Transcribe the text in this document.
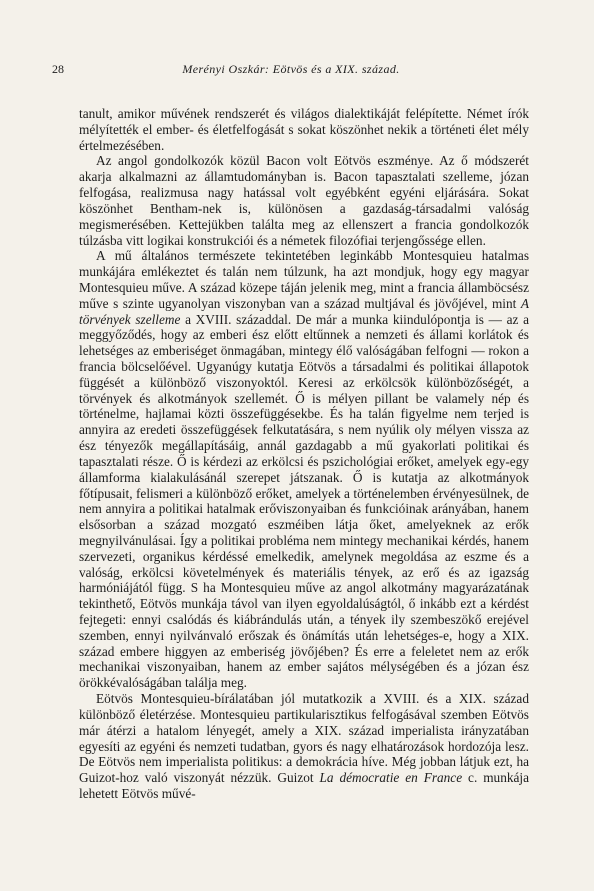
28	Merényi Oszkár: Eötvös és a XIX. század.

tanult, amikor művének rendszerét és világos dialektikáját felépítette. Német írók mélyítették el ember- és életfelfogását s sokat köszönhet nekik a történeti élet mély értelmezésében.

Az angol gondolkozók közül Bacon volt Eötvös eszménye. Az ő módszerét akarja alkalmazni az államtudományban is. Bacon tapasztalati szelleme, józan felfogása, realizmusa nagy hatással volt egyébként egyéni eljárására. Sokat köszönhet Bentham-nek is, különösen a gazdaság-társadalmi valóság megismerésében. Kettejükben találta meg az ellenszert a francia gondolkozók túlzásba vitt logikai konstrukciói és a németek filozófiai terjengőssége ellen.

A mű általános természete tekintetében leginkább Montesquieu hatalmas munkájára emlékeztet és talán nem túlzunk, ha azt mondjuk, hogy egy magyar Montesquieu műve. A század közepe táján jelenik meg, mint a francia államböcsész műve s szinte ugyanolyan viszonyban van a század multjával és jövőjével, mint A törvények szelleme a XVIII. századdal. De már a munka kiindulópontja is — az a meggyőződés, hogy az emberi ész előtt eltűnnek a nemzeti és állami korlátok és lehetséges az emberiséget önmagában, mintegy élő valóságában felfogni — rokon a francia bölcselőével. Ugyanúgy kutatja Eötvös a társadalmi és politikai állapotok függését a különböző viszonyoktól. Keresi az erkölcsök különbözőségét, a törvények és alkotmányok szellemét. Ő is mélyen pillant be valamely nép és történelme, hajlamai közti összefüggésekbe. És ha talán figyelme nem terjed is annyira az eredeti összefüggések felkutatására, s nem nyúlik oly mélyen vissza az ész tényezők megállapításáig, annál gazdagabb a mű gyakorlati politikai és tapasztalati része. Ő is kérdezi az erkölcsi és pszichológiai erőket, amelyek egy-egy államforma kialakulásánál szerepet játszanak. Ő is kutatja az alkotmányok főtípusait, felismeri a különböző erőket, amelyek a történelemben érvényesülnek, de nem annyira a politikai hatalmak erőviszonyaiban és funkcióinak arányában, hanem elsősorban a század mozgató eszméiben látja őket, amelyeknek az erők megnyilvánulásai. Így a politikai probléma nem mintegy mechanikai kérdés, hanem szervezeti, organikus kérdéssé emelkedik, amelynek megoldása az eszme és a valóság, erkölcsi követelmények és materiális tények, az erő és az igazság harmóniájától függ. S ha Montesquieu műve az angol alkotmány magyarázatának tekinthető, Eötvös munkája távol van ilyen egyoldalúságtól, ő inkább ezt a kérdést fejtegeti: ennyi csalódás és kiábrándulás után, a tények ily szembeszökő erejével szemben, ennyi nyilvánvaló erőszak és önámítás után lehetséges-e, hogy a XIX. század embere higgyen az emberiség jövőjében? És erre a feleletet nem az erők mechanikai viszonyaiban, hanem az ember sajátos mélységében és a józan ész örökkévalóságában találja meg.

Eötvös Montesquieu-bírálatában jól mutatkozik a XVIII. és a XIX. század különböző életérzése. Montesquieu partikularisztikus felfogásával szemben Eötvös már átérzi a hatalom lényegét, amely a XIX. század imperialista irányzatában egyesíti az egyéni és nemzeti tudatban, gyors és nagy elhatározások hordozója lesz. De Eötvös nem imperialista politikus: a demokrácia híve. Még jobban látjuk ezt, ha Guizot-hoz való viszonyát nézzük. Guizot La démocratie en France c. munkája lehetett Eötvös művé-
